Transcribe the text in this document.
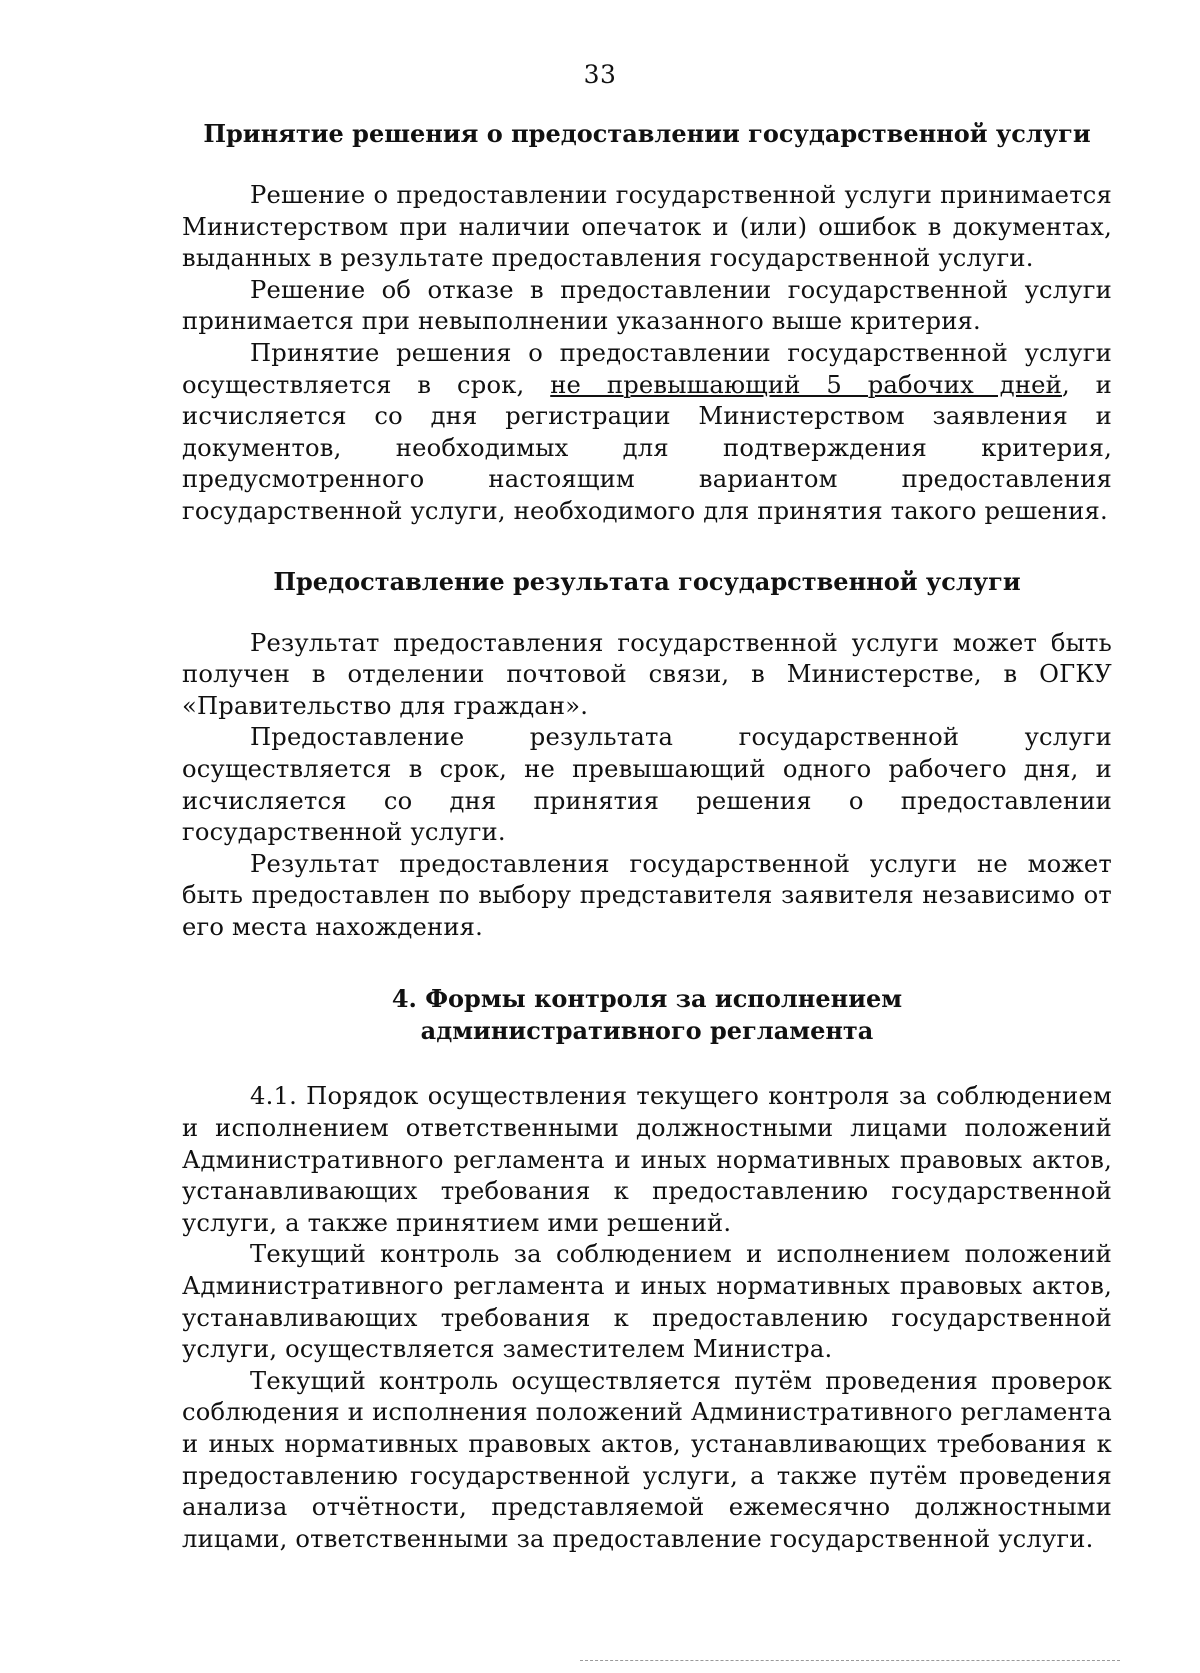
33
Принятие решения о предоставлении государственной услуги

Решение о предоставлении государственной услуги принимается Министерством при наличии опечаток и (или) ошибок в документах, выданных в результате предоставления государственной услуги.

Решение об отказе в предоставлении государственной услуги принимается при невыполнении указанного выше критерия.

Принятие решения о предоставлении государственной услуги осуществляется в срок, не превышающий 5 рабочих дней, и исчисляется со дня регистрации Министерством заявления и документов, необходимых для подтверждения критерия, предусмотренного настоящим вариантом предоставления государственной услуги, необходимого для принятия такого решения.

Предоставление результата государственной услуги

Результат предоставления государственной услуги может быть получен в отделении почтовой связи, в Министерстве, в ОГКУ «Правительство для граждан».

Предоставление результата государственной услуги осуществляется в срок, не превышающий одного рабочего дня, и исчисляется со дня принятия решения о предоставлении государственной услуги.

Результат предоставления государственной услуги не может быть предоставлен по выбору представителя заявителя независимо от его места нахождения.

4. Формы контроля за исполнением
административного регламента

4.1. Порядок осуществления текущего контроля за соблюдением и исполнением ответственными должностными лицами положений Административного регламента и иных нормативных правовых актов, устанавливающих требования к предоставлению государственной услуги, а также принятием ими решений.

Текущий контроль за соблюдением и исполнением положений Административного регламента и иных нормативных правовых актов, устанавливающих требования к предоставлению государственной услуги, осуществляется заместителем Министра.

Текущий контроль осуществляется путём проведения проверок соблюдения и исполнения положений Административного регламента и иных нормативных правовых актов, устанавливающих требования к предоставлению государственной услуги, а также путём проведения анализа отчётности, представляемой ежемесячно должностными лицами, ответственными за предоставление государственной услуги.
